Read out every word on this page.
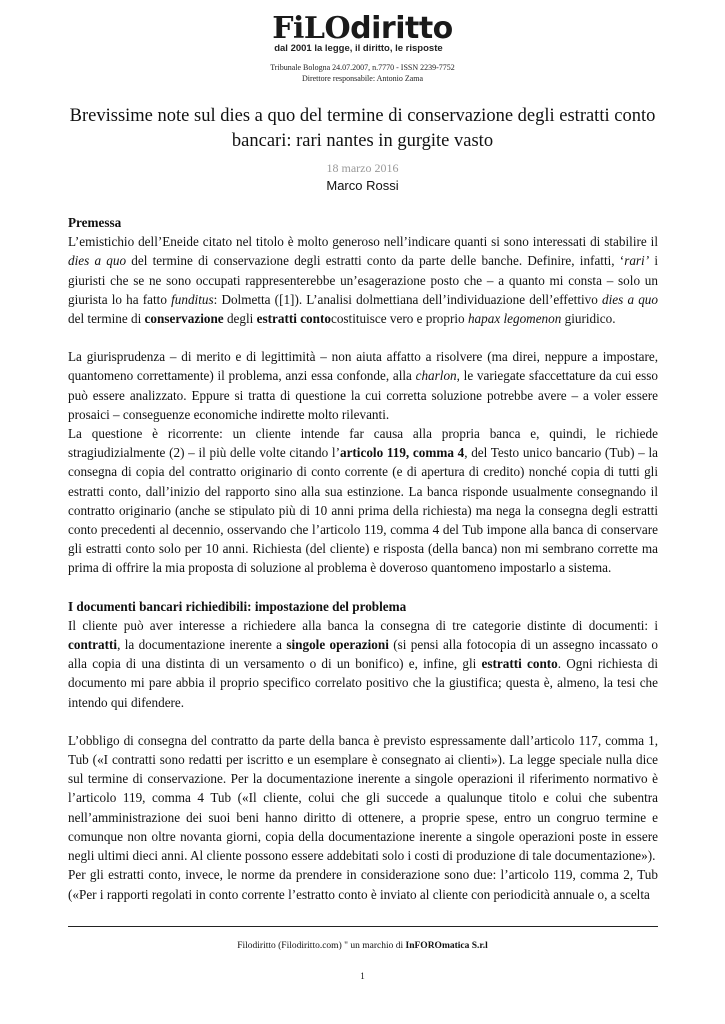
FiLOdiritto
dal 2001 la legge, il diritto, le risposte
Tribunale Bologna 24.07.2007, n.7770 - ISSN 2239-7752
Direttore responsabile: Antonio Zama
Brevissime note sul dies a quo del termine di conservazione degli estratti conto bancari: rari nantes in gurgite vasto
18 marzo 2016
Marco Rossi
Premessa

L’emistichio dell’Eneide citato nel titolo è molto generoso nell’indicare quanti si sono interessati di stabilire il dies a quo del termine di conservazione degli estratti conto da parte delle banche. Definire, infatti, ‘rari’ i giuristi che se ne sono occupati rappresenterebbe un’esagerazione posto che – a quanto mi consta – solo un giurista lo ha fatto funditus: Dolmetta ([1]). L’analisi dolmettiana dell’individuazione dell’effettivo dies a quo del termine di conservazione degli estratti contocostituisce vero e proprio hapax legomenon giuridico.

La giurisprudenza – di merito e di legittimità – non aiuta affatto a risolvere (ma direi, neppure a impostare, quantomeno correttamente) il problema, anzi essa confonde, alla charlon, le variegate sfaccettature da cui esso può essere analizzato. Eppure si tratta di questione la cui corretta soluzione potrebbe avere – a voler essere prosaici – conseguenze economiche indirette molto rilevanti.

La questione è ricorrente: un cliente intende far causa alla propria banca e, quindi, le richiede stragiudizialmente (2) – il più delle volte citando l’articolo 119, comma 4, del Testo unico bancario (Tub) – la consegna di copia del contratto originario di conto corrente (e di apertura di credito) nonché copia di tutti gli estratti conto, dall’inizio del rapporto sino alla sua estinzione. La banca risponde usualmente consegnando il contratto originario (anche se stipulato più di 10 anni prima della richiesta) ma nega la consegna degli estratti conto precedenti al decennio, osservando che l’articolo 119, comma 4 del Tub impone alla banca di conservare gli estratti conto solo per 10 anni. Richiesta (del cliente) e risposta (della banca) non mi sembrano corrette ma prima di offrire la mia proposta di soluzione al problema è doveroso quantomeno impostarlo a sistema.

I documenti bancari richiedibili: impostazione del problema

Il cliente può aver interesse a richiedere alla banca la consegna di tre categorie distinte di documenti: i contratti, la documentazione inerente a singole operazioni (si pensi alla fotocopia di un assegno incassato o alla copia di una distinta di un versamento o di un bonifico) e, infine, gli estratti conto. Ogni richiesta di documento mi pare abbia il proprio specifico correlato positivo che la giustifica; questa è, almeno, la tesi che intendo qui difendere.

L’obbligo di consegna del contratto da parte della banca è previsto espressamente dall’articolo 117, comma 1, Tub («I contratti sono redatti per iscritto e un esemplare è consegnato ai clienti»). La legge speciale nulla dice sul termine di conservazione. Per la documentazione inerente a singole operazioni il riferimento normativo è l’articolo 119, comma 4 Tub («Il cliente, colui che gli succede a qualunque titolo e colui che subentra nell’amministrazione dei suoi beni hanno diritto di ottenere, a proprie spese, entro un congruo termine e comunque non oltre novanta giorni, copia della documentazione inerente a singole operazioni poste in essere negli ultimi dieci anni. Al cliente possono essere addebitati solo i costi di produzione di tale documentazione»).

Per gli estratti conto, invece, le norme da prendere in considerazione sono due: l’articolo 119, comma 2, Tub («Per i rapporti regolati in conto corrente l’estratto conto è inviato al cliente con periodicità annuale o, a scelta

Filodiritto (Filodiritto.com) " un marchio di InFOROmatica S.r.l
1
